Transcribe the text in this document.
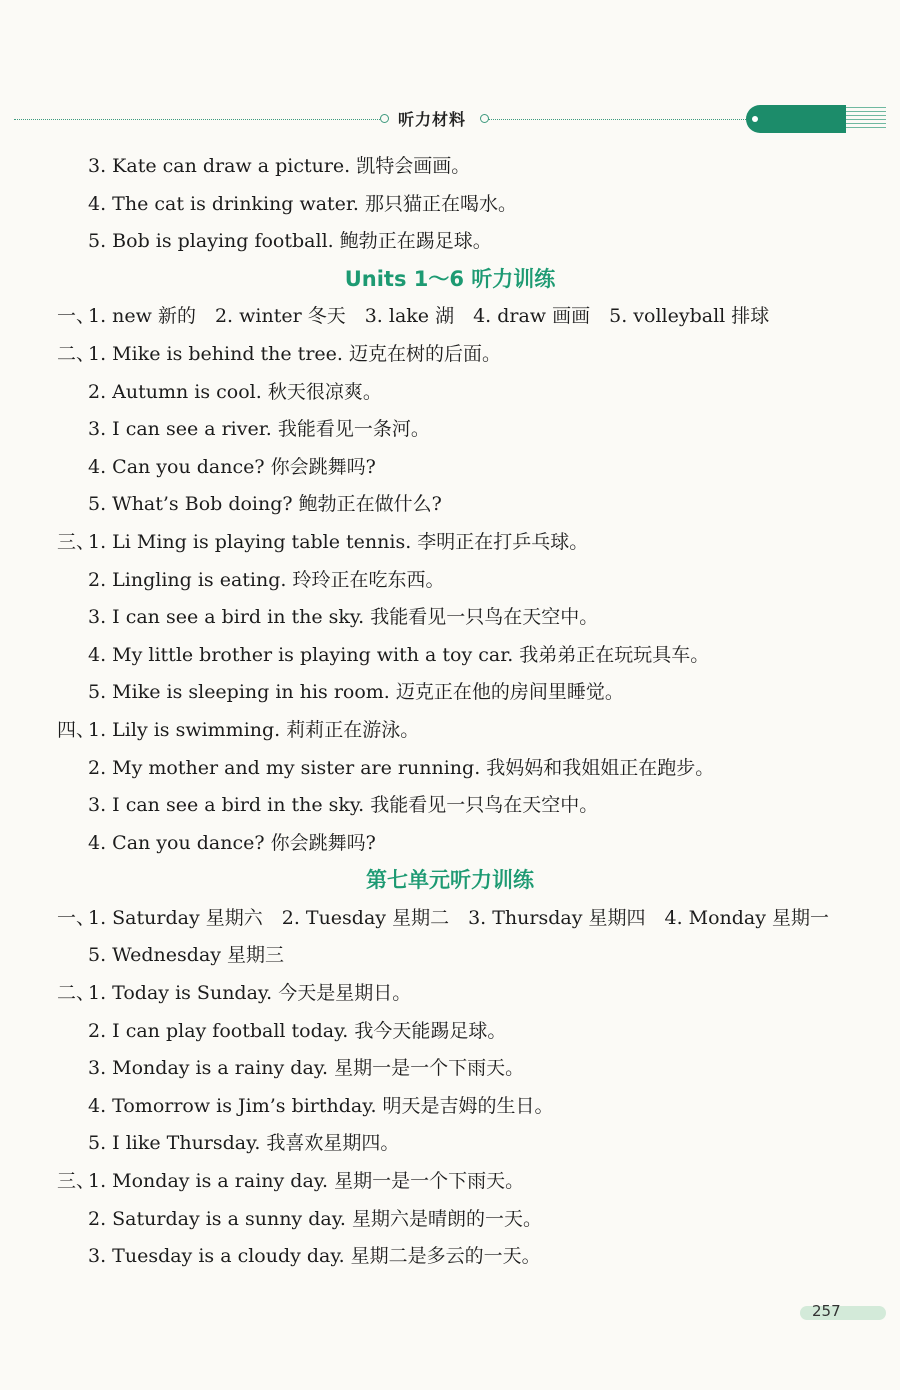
听力材料
3. Kate can draw a picture. 凯特会画画。
4. The cat is drinking water. 那只猫正在喝水。
5. Bob is playing football. 鲍勃正在踢足球。
Units 1～6 听力训练
一、
1. new 新的　2. winter 冬天　3. lake 湖　4. draw 画画　5. volleyball 排球
二、
1. Mike is behind the tree. 迈克在树的后面。
2. Autumn is cool. 秋天很凉爽。
3. I can see a river. 我能看见一条河。
4. Can you dance? 你会跳舞吗?
5. What’s Bob doing? 鲍勃正在做什么?
三、
1. Li Ming is playing table tennis. 李明正在打乒乓球。
2. Lingling is eating. 玲玲正在吃东西。
3. I can see a bird in the sky. 我能看见一只鸟在天空中。
4. My little brother is playing with a toy car. 我弟弟正在玩玩具车。
5. Mike is sleeping in his room. 迈克正在他的房间里睡觉。
四、
1. Lily is swimming. 莉莉正在游泳。
2. My mother and my sister are running. 我妈妈和我姐姐正在跑步。
3. I can see a bird in the sky. 我能看见一只鸟在天空中。
4. Can you dance? 你会跳舞吗?
第七单元听力训练
一、
1. Saturday 星期六　2. Tuesday 星期二　3. Thursday 星期四　4. Monday 星期一
5. Wednesday 星期三
二、
1. Today is Sunday. 今天是星期日。
2. I can play football today. 我今天能踢足球。
3. Monday is a rainy day. 星期一是一个下雨天。
4. Tomorrow is Jim’s birthday. 明天是吉姆的生日。
5. I like Thursday. 我喜欢星期四。
三、
1. Monday is a rainy day. 星期一是一个下雨天。
2. Saturday is a sunny day. 星期六是晴朗的一天。
3. Tuesday is a cloudy day. 星期二是多云的一天。
257
